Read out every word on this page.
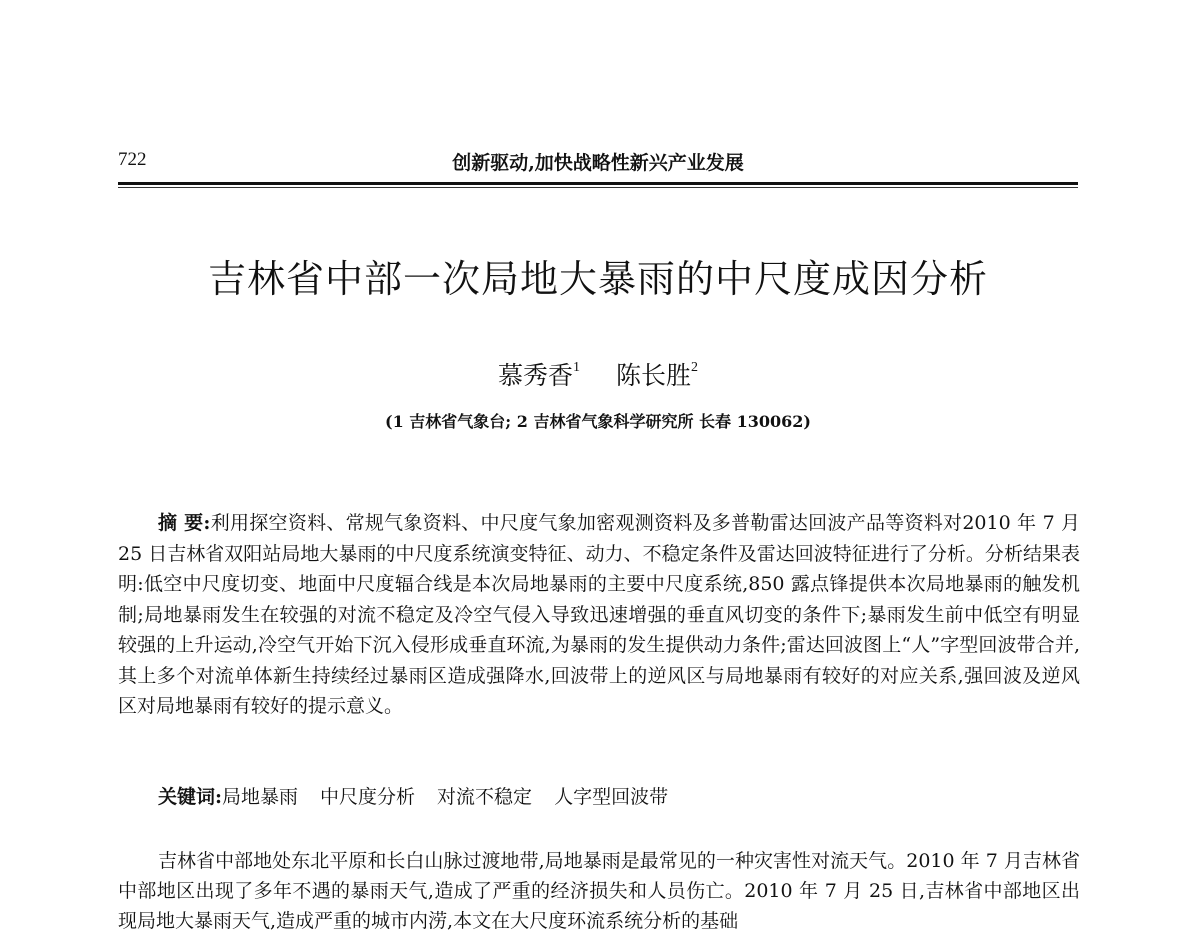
722	创新驱动,加快战略性新兴产业发展
吉林省中部一次局地大暴雨的中尺度成因分析
慕秀香$^1$ 陈长胜$^2$
(1 吉林省气象台; 2 吉林省气象科学研究所 长春 130062)
摘 要:利用探空资料、常规气象资料、中尺度气象加密观测资料及多普勒雷达回波产品等资料对2010 年 7 月 25 日吉林省双阳站局地大暴雨的中尺度系统演变特征、动力、不稳定条件及雷达回波特征进行了分析。分析结果表明:低空中尺度切变、地面中尺度辐合线是本次局地暴雨的主要中尺度系统,850 露点锋提供本次局地暴雨的触发机制;局地暴雨发生在较强的对流不稳定及冷空气侵入导致迅速增强的垂直风切变的条件下;暴雨发生前中低空有明显较强的上升运动,冷空气开始下沉入侵形成垂直环流,为暴雨的发生提供动力条件;雷达回波图上“人”字型回波带合并,其上多个对流单体新生持续经过暴雨区造成强降水,回波带上的逆风区与局地暴雨有较好的对应关系,强回波及逆风区对局地暴雨有较好的提示意义。
关键词:局地暴雨 中尺度分析 对流不稳定 人字型回波带
吉林省中部地处东北平原和长白山脉过渡地带,局地暴雨是最常见的一种灾害性对流天气。2010 年 7 月吉林省中部地区出现了多年不遇的暴雨天气,造成了严重的经济损失和人员伤亡。2010 年 7 月 25 日,吉林省中部地区出现局地大暴雨天气,造成严重的城市内涝,本文在大尺度环流系统分析的基础
